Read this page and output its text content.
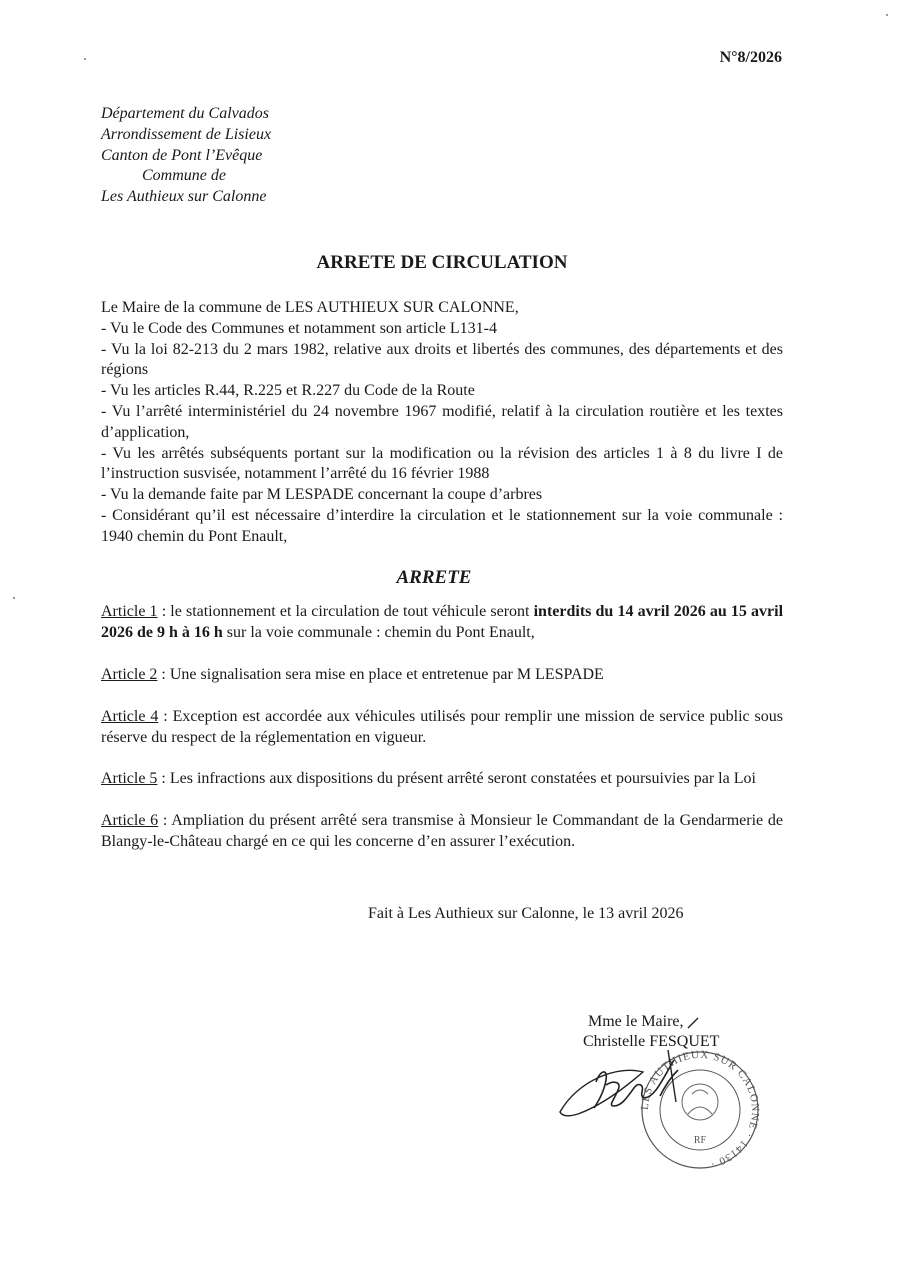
N°8/2026
Département du Calvados
Arrondissement de Lisieux
Canton de Pont l’Evêque
Commune de
Les Authieux sur Calonne
ARRETE DE CIRCULATION
Le Maire de la commune de LES AUTHIEUX SUR CALONNE,
- Vu le Code des Communes et notamment son article L131-4
- Vu la loi 82-213 du 2 mars 1982, relative aux droits et libertés des communes, des départements et des régions
- Vu les articles R.44, R.225 et R.227 du Code de la Route
- Vu l’arrêté interministériel du 24 novembre 1967 modifié, relatif à la circulation routière et les textes d’application,
- Vu les arrêtés subséquents portant sur la modification ou la révision des articles 1 à 8 du livre I de l’instruction susvisée, notamment l’arrêté du 16 février 1988
- Vu la demande faite par M LESPADE concernant la coupe d’arbres
- Considérant qu’il est nécessaire d’interdire la circulation et le stationnement sur la voie communale : 1940 chemin du Pont Enault,
ARRETE
Article 1 : le stationnement et la circulation de tout véhicule seront interdits du 14 avril 2026 au 15 avril 2026 de 9 h à 16 h sur la voie communale : chemin du Pont Enault,
Article 2 : Une signalisation sera mise en place et entretenue par M LESPADE
Article 4 : Exception est accordée aux véhicules utilisés pour remplir une mission de service public sous réserve du respect de la réglementation en vigueur.
Article 5 : Les infractions aux dispositions du présent arrêté seront constatées et poursuivies par la Loi
Article 6 : Ampliation du présent arrêté sera transmise à Monsieur le Commandant de la Gendarmerie de Blangy-le-Château chargé en ce qui les concerne d’en assurer l’exécution.
Fait à Les Authieux sur Calonne, le 13 avril 2026
LES AUTHIEUX SUR CALONNE · 14130 ·
RF
Mme le Maire,
Christelle FESQUET
